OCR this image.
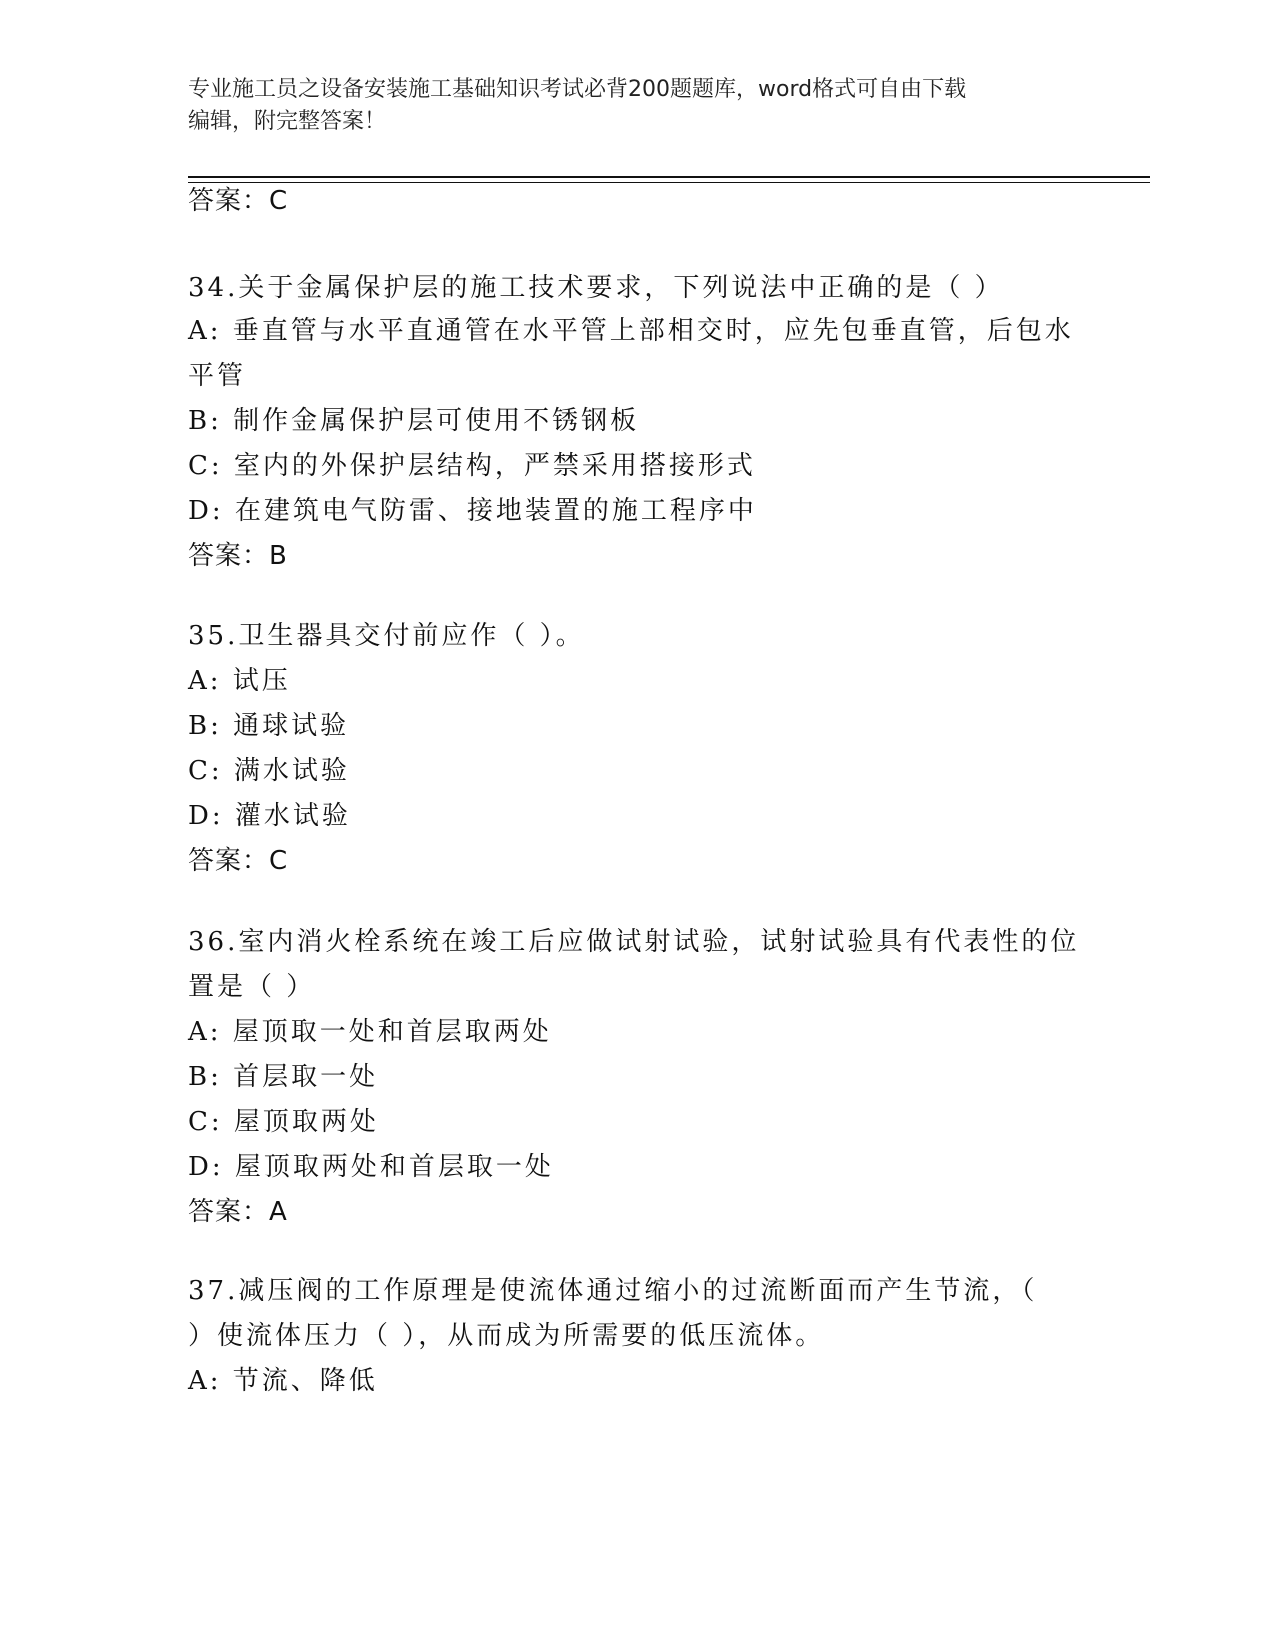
专业施工员之设备安装施工基础知识考试必背200题题库，word格式可自由下载
编辑，附完整答案！
答案：C
34.关于金属保护层的施工技术要求，下列说法中正确的是（ ）
A: 垂直管与水平直通管在水平管上部相交时，应先包垂直管，后包水
平管
B: 制作金属保护层可使用不锈钢板
C: 室内的外保护层结构，严禁采用搭接形式
D: 在建筑电气防雷、接地装置的施工程序中
答案：B
35.卫生器具交付前应作（ ）。
A: 试压
B: 通球试验
C: 满水试验
D: 灌水试验
答案：C
36.室内消火栓系统在竣工后应做试射试验，试射试验具有代表性的位
置是（ ）
A: 屋顶取一处和首层取两处
B: 首层取一处
C: 屋顶取两处
D: 屋顶取两处和首层取一处
答案：A
37.减压阀的工作原理是使流体通过缩小的过流断面而产生节流，（
）使流体压力（ ），从而成为所需要的低压流体。
A: 节流、降低
